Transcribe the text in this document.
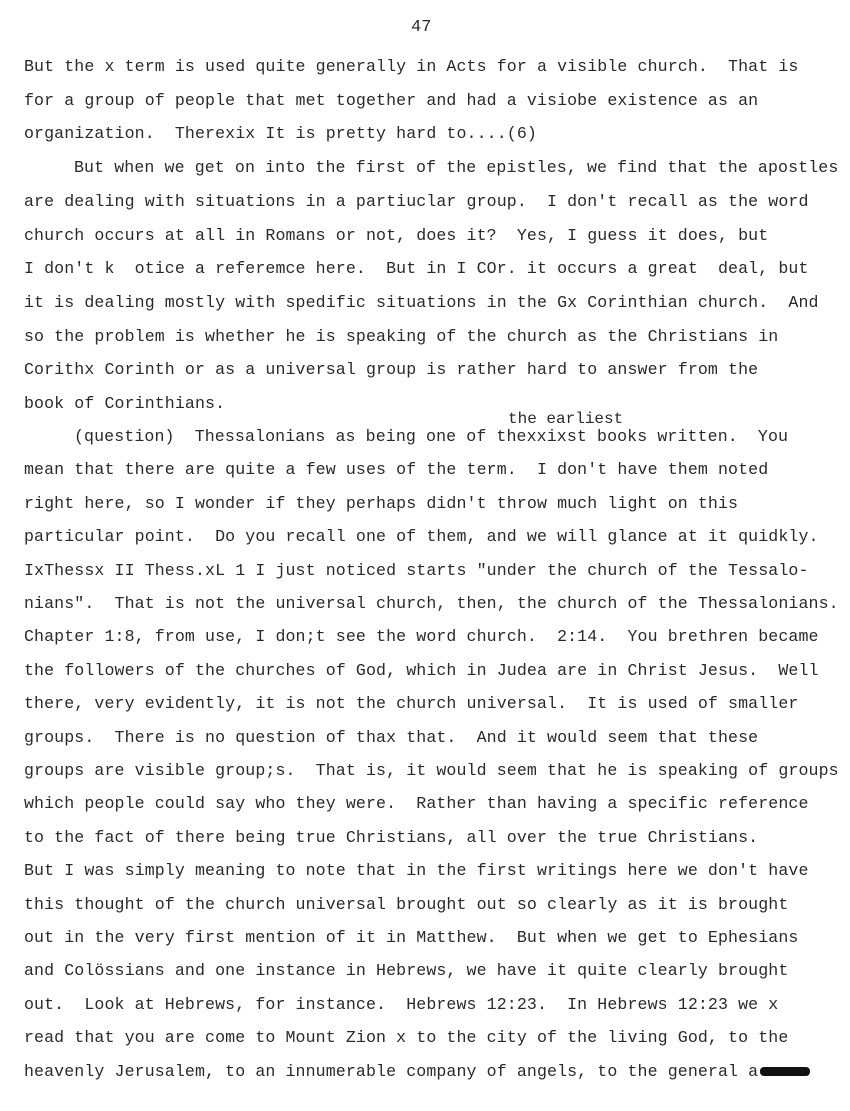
47
But the x term is used quite generally in Acts for a visible church.  That is
for a group of people that met together and had a visiobe existence as an
organization.  Therexix It is pretty hard to....(6)
But when we get on into the first of the epistles, we find that the apostles
are dealing with situations in a partiuclar group.  I don't recall as the word
church occurs at all in Romans or not, does it?  Yes, I guess it does, but
I don't k  otice a referemce here.  But in I COr. it occurs a great  deal, but
it is dealing mostly with spedific situations in the Gx Corinthian church.  And
so the problem is whether he is speaking of the church as the Christians in
Corithx Corinth or as a universal group is rather hard to answer from the
book of Corinthians.
(question)  Thessalonians as being one of thexxixst books written.  You
mean that there are quite a few uses of the term.  I don't have them noted
right here, so I wonder if they perhaps didn't throw much light on this
particular point.  Do you recall one of them, and we will glance at it quidkly.
IxThessx II Thess.xL 1 I just noticed starts "under the church of the Tessalo-
nians".  That is not the universal church, then, the church of the Thessalonians.
Chapter 1:8, from use, I don;t see the word church.  2:14.  You brethren became
the followers of the churches of God, which in Judea are in Christ Jesus.  Well
there, very evidently, it is not the church universal.  It is used of smaller
groups.  There is no question of thax that.  And it would seem that these
groups are visible group;s.  That is, it would seem that he is speaking of groups
which people could say who they were.  Rather than having a specific reference
to the fact of there being true Christians, all over the true Christians.
But I was simply meaning to note that in the first writings here we don't have
this thought of the church universal brought out so clearly as it is brought
out in the very first mention of it in Matthew.  But when we get to Ephesians
and Colössians and one instance in Hebrews, we have it quite clearly brought
out.  Look at Hebrews, for instance.  Hebrews 12:23.  In Hebrews 12:23 we x
read that you are come to Mount Zion x to the city of the living God, to the
heavenly Jerusalem, to an innumerable company of angels, to the general a
the earliest
